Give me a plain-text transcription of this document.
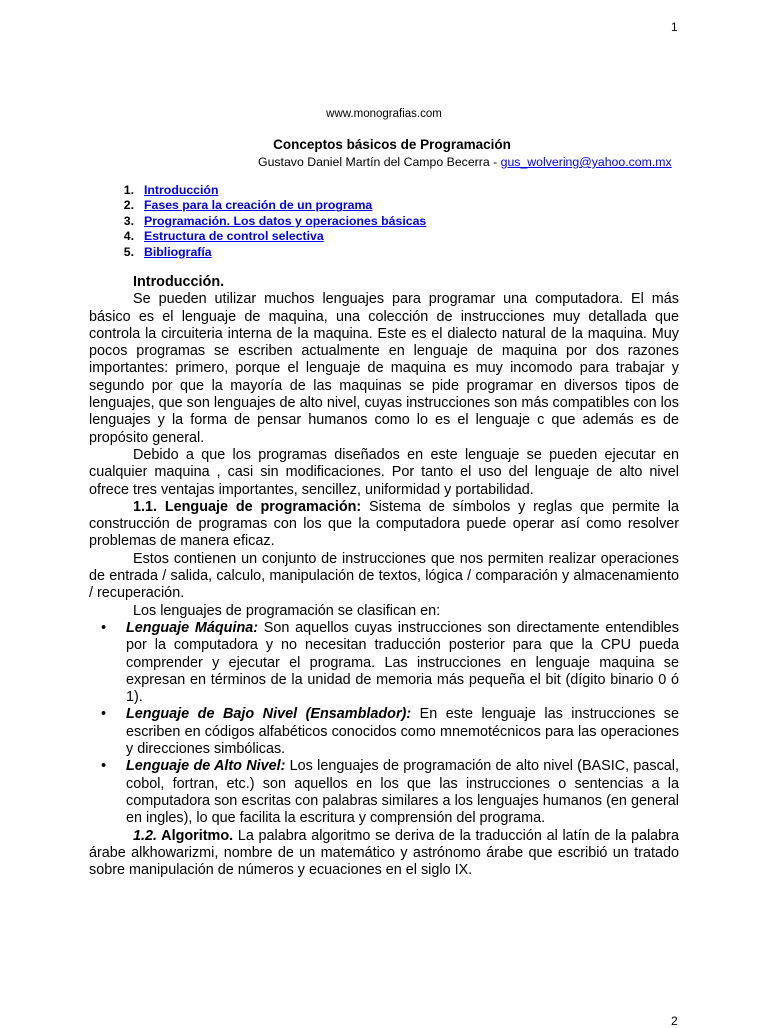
1
www.monografias.com
Conceptos básicos de Programación
Gustavo Daniel Martín del Campo Becerra - gus_wolvering@yahoo.com.mx
1. Introducción
2. Fases para la creación de un programa
3. Programación. Los datos y operaciones básicas
4. Estructura de control selectiva
5. Bibliografía

Introducción.

Se pueden utilizar muchos lenguajes para programar una computadora. El más básico es el lenguaje de maquina, una colección de instrucciones muy detallada que controla la circuiteria interna de la maquina. Este es el dialecto natural de la maquina. Muy pocos programas se escriben actualmente en lenguaje de maquina por dos razones importantes: primero, porque el lenguaje de maquina es muy incomodo para trabajar y segundo por que la mayoría de las maquinas se pide programar en diversos tipos de lenguajes, que son lenguajes de alto nivel, cuyas instrucciones son más compatibles con los lenguajes y la forma de pensar humanos como lo es el lenguaje c que además es de propósito general.

Debido a que los programas diseñados en este lenguaje se pueden ejecutar en cualquier maquina , casi sin modificaciones. Por tanto el uso del lenguaje de alto nivel ofrece tres ventajas importantes, sencillez, uniformidad y portabilidad.

1.1. Lenguaje de programación: Sistema de símbolos y reglas que permite la construcción de programas con los que la computadora puede operar así como resolver problemas de manera eficaz.

Estos contienen un conjunto de instrucciones que nos permiten realizar operaciones de entrada / salida, calculo, manipulación de textos, lógica / comparación y almacenamiento / recuperación.

Los lenguajes de programación se clasifican en:

• Lenguaje Máquina: Son aquellos cuyas instrucciones son directamente entendibles por la computadora y no necesitan traducción posterior para que la CPU pueda comprender y ejecutar el programa. Las instrucciones en lenguaje maquina se expresan en términos de la unidad de memoria más pequeña el bit (dígito binario 0 ó 1).

• Lenguaje de Bajo Nivel (Ensamblador): En este lenguaje las instrucciones se escriben en códigos alfabéticos conocidos como mnemotécnicos para las operaciones y direcciones simbólicas.

• Lenguaje de Alto Nivel: Los lenguajes de programación de alto nivel (BASIC, pascal, cobol, fortran, etc.) son aquellos en los que las instrucciones o sentencias a la computadora son escritas con palabras similares a los lenguajes humanos (en general en ingles), lo que facilita la escritura y comprensión del programa.

1.2. Algoritmo. La palabra algoritmo se deriva de la traducción al latín de la palabra árabe alkhowarizmi, nombre de un matemático y astrónomo árabe que escribió un tratado sobre manipulación de números y ecuaciones en el siglo IX.

2
